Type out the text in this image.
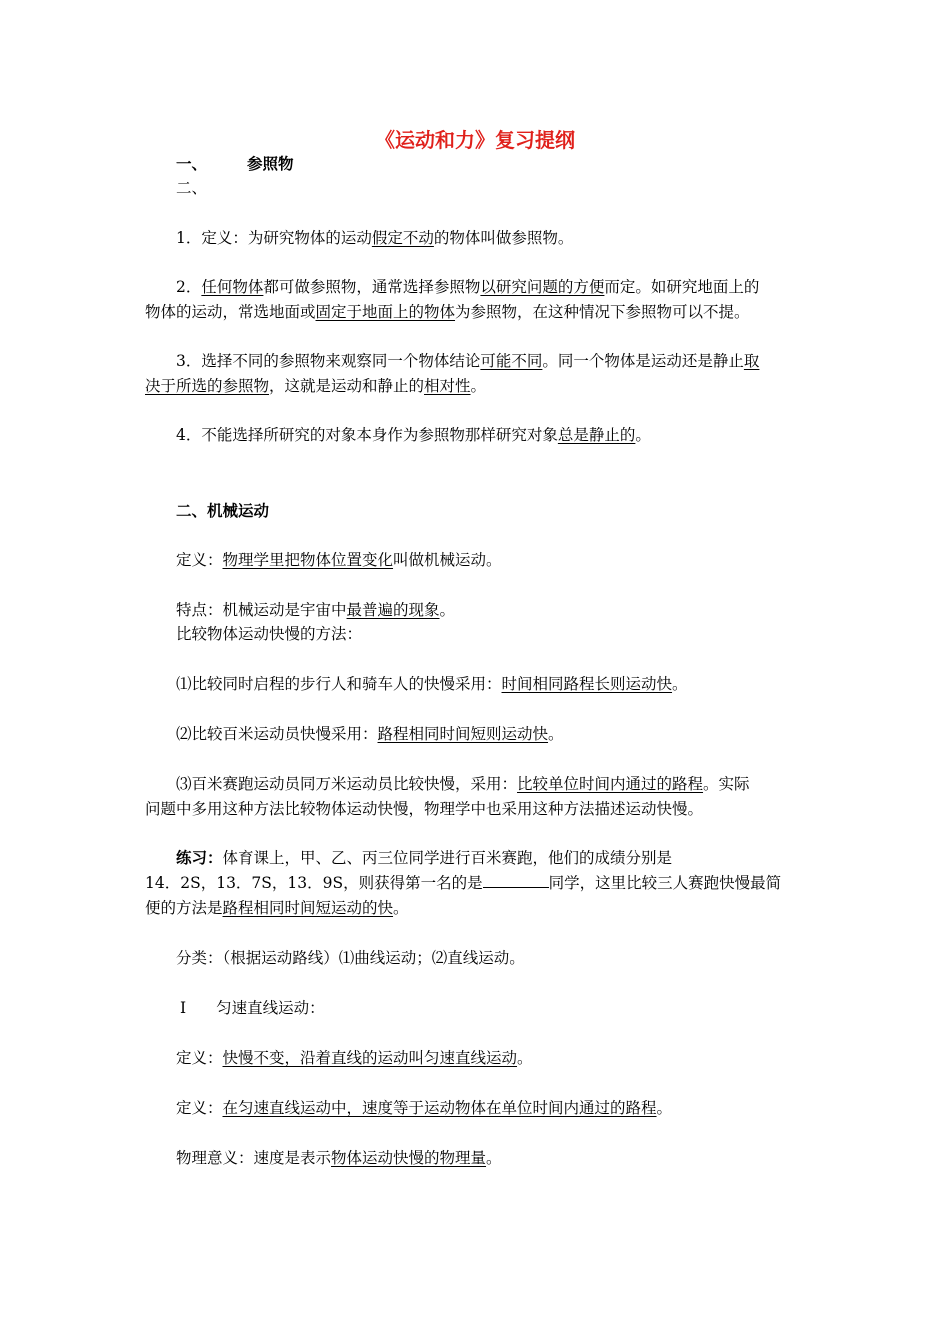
《运动和力》复习提纲
一、	参照物
二、
1．定义：为研究物体的运动假定不动的物体叫做参照物。
2．任何物体都可做参照物，通常选择参照物以研究问题的方便而定。如研究地面上的
物体的运动，常选地面或固定于地面上的物体为参照物，在这种情况下参照物可以不提。
3．选择不同的参照物来观察同一个物体结论可能不同。同一个物体是运动还是静止取
决于所选的参照物，这就是运动和静止的相对性。
4．不能选择所研究的对象本身作为参照物那样研究对象总是静止的。
二、机械运动
定义：物理学里把物体位置变化叫做机械运动。
特点：机械运动是宇宙中最普遍的现象。
比较物体运动快慢的方法：
⑴比较同时启程的步行人和骑车人的快慢采用：时间相同路程长则运动快。
⑵比较百米运动员快慢采用：路程相同时间短则运动快。
⑶百米赛跑运动员同万米运动员比较快慢，采用：比较单位时间内通过的路程。实际
问题中多用这种方法比较物体运动快慢，物理学中也采用这种方法描述运动快慢。
练习：体育课上，甲、乙、丙三位同学进行百米赛跑，他们的成绩分别是
14．2S，13．7S，13．9S，则获得第一名的是	同学，这里比较三人赛跑快慢最简
便的方法是路程相同时间短运动的快。
分类：（根据运动路线）⑴曲线运动；⑵直线运动。
Ⅰ 匀速直线运动：
定义：快慢不变，沿着直线的运动叫匀速直线运动。
定义：在匀速直线运动中，速度等于运动物体在单位时间内通过的路程。
物理意义：速度是表示物体运动快慢的物理量。
